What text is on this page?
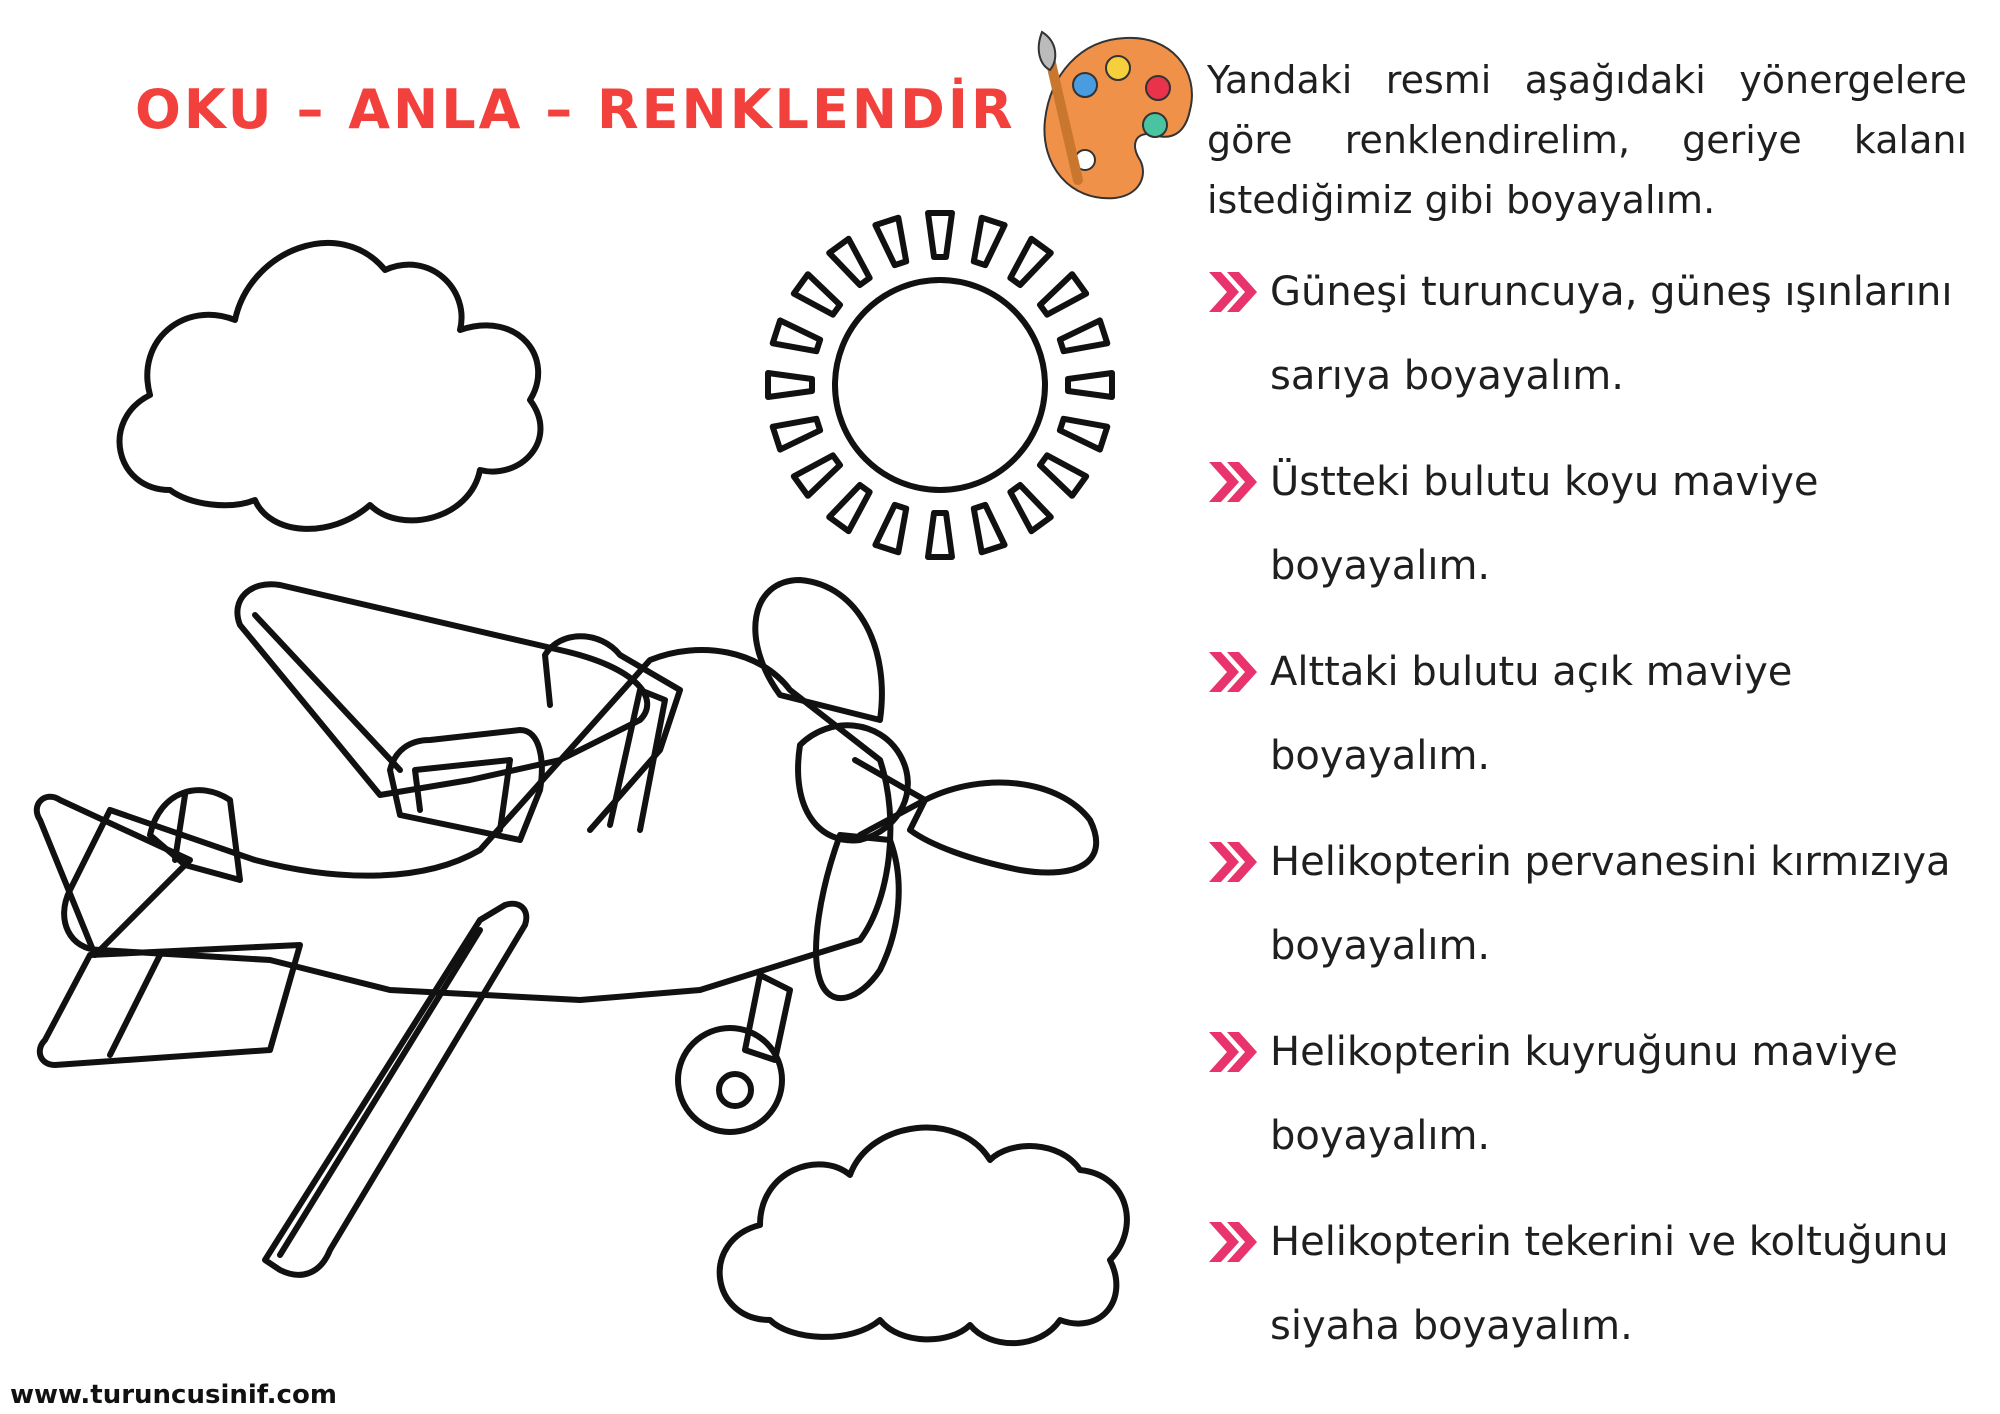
OKU – ANLA – RENKLENDİR	Yandaki resmi aşağıdaki yönergelere göre renklendirelim, geriye kalanı istediğimiz gibi boyayalım.
Güneşi turuncuya, güneş ışınlarını sarıya boyayalım.
Üstteki bulutu koyu maviye boyayalım.
Alttaki bulutu açık maviye boyayalım.
Helikopterin pervanesini kırmızıya boyayalım.
Helikopterin kuyruğunu maviye boyayalım.
Helikopterin tekerini ve koltuğunu siyaha boyayalım.
www.turuncusinif.com
